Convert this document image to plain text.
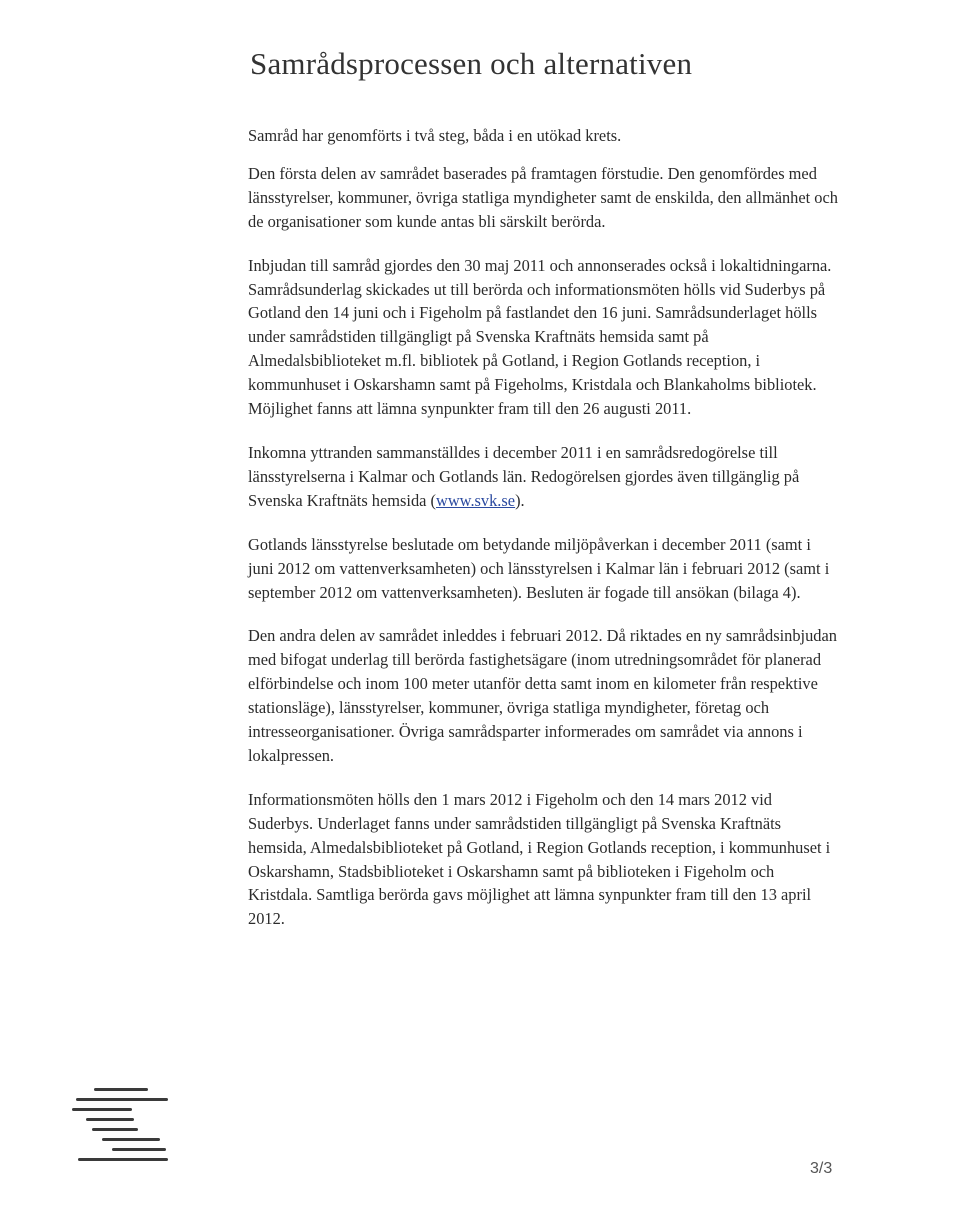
Samrådsprocessen och alternativen

Samråd har genomförts i två steg, båda i en utökad krets.

Den första delen av samrådet baserades på framtagen förstudie. Den genomfördes med länsstyrelser, kommuner, övriga statliga myndigheter samt de enskilda, den allmänhet och de organisationer som kunde antas bli särskilt berörda.

Inbjudan till samråd gjordes den 30 maj 2011 och annonserades också i lokaltidningarna. Samrådsunderlag skickades ut till berörda och informationsmöten hölls vid Suderbys på Gotland den 14 juni och i Figeholm på fastlandet den 16 juni. Samrådsunderlaget hölls under samrådstiden tillgängligt på Svenska Kraftnäts hemsida samt på Almedalsbiblioteket m.fl. bibliotek på Gotland, i Region Gotlands reception, i kommunhuset i Oskarshamn samt på Figeholms, Kristdala och Blankaholms bibliotek. Möjlighet fanns att lämna synpunkter fram till den 26 augusti 2011.

Inkomna yttranden sammanställdes i december 2011 i en samrådsredogörelse till länsstyrelserna i Kalmar och Gotlands län. Redogörelsen gjordes även tillgänglig på Svenska Kraftnäts hemsida (www.svk.se).

Gotlands länsstyrelse beslutade om betydande miljöpåverkan i december 2011 (samt i juni 2012 om vattenverksamheten) och länsstyrelsen i Kalmar län i februari 2012 (samt i september 2012 om vattenverksamheten). Besluten är fogade till ansökan (bilaga 4).

Den andra delen av samrådet inleddes i februari 2012. Då riktades en ny samrådsinbjudan med bifogat underlag till berörda fastighetsägare (inom utredningsområdet för planerad elförbindelse och inom 100 meter utanför detta samt inom en kilometer från respektive stationsläge), länsstyrelser, kommuner, övriga statliga myndigheter, företag och intresseorganisationer. Övriga samrådsparter informerades om samrådet via annons i lokalpressen.

Informationsmöten hölls den 1 mars 2012 i Figeholm och den 14 mars 2012 vid Suderbys. Underlaget fanns under samrådstiden tillgängligt på Svenska Kraftnäts hemsida, Almedalsbiblioteket på Gotland, i Region Gotlands reception, i kommunhuset i Oskarshamn, Stadsbiblioteket i Oskarshamn samt på biblioteken i Figeholm och Kristdala. Samtliga berörda gavs möjlighet att lämna synpunkter fram till den 13 april 2012.

3/3
